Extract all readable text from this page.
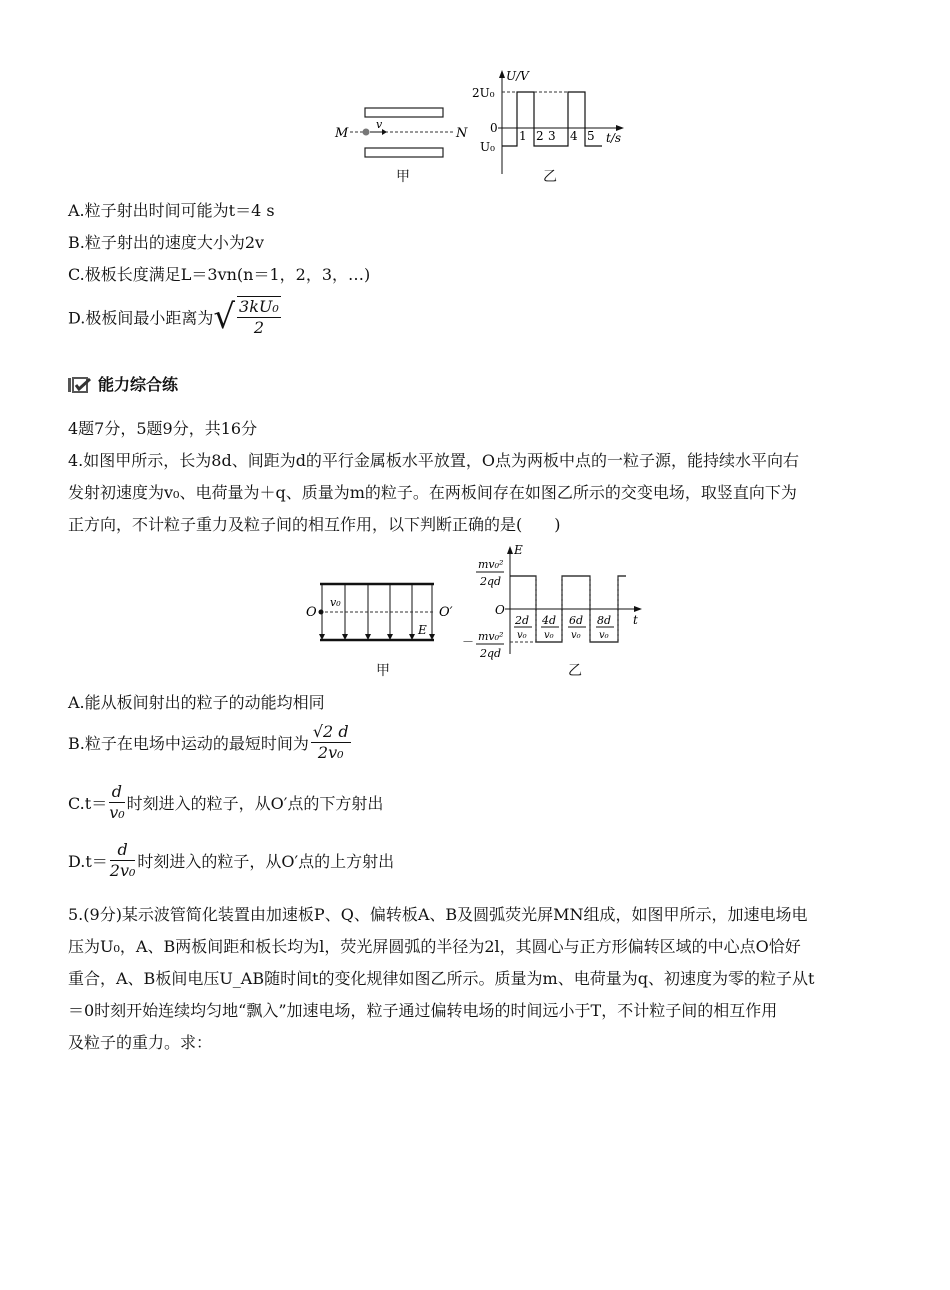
M	N
v
U/V
t/s
2U₀
0
U₀
1 2 3 4 5
甲	乙
A.粒子射出时间可能为t＝4 s
B.粒子射出的速度大小为2v
C.极板长度满足L＝3vn(n＝1，2，3，…)
D.极板间最小距离为√ $\frac{\text{3kU₀}}{2}$
能力综合练
4题7分，5题9分，共16分
4.如图甲所示，长为8d、间距为d的平行金属板水平放置，O点为两板中点的一粒子源，能持续水平向右
发射初速度为v₀、电荷量为＋q、质量为m的粒子。在两板间存在如图乙所示的交变电场，取竖直向下为
正方向，不计粒子重力及粒子间的相互作用，以下判断正确的是(　　)
O	O′
v₀
E
E
t
O
mv₀²
2qd
－ mv₀²
2qd
2d
v₀
4d
v₀
6d
v₀
8d
v₀
甲	乙
A.能从板间射出的粒子的动能均相同
B.粒子在电场中运动的最短时间为 $\frac{√2 d}{\text{2v₀}}$
$C.t= \frac{d}{\text{v₀}}$ 时刻进入的粒子，从O′点的下方射出
$D.t= \frac{d}{\text{2v₀}}$ 时刻进入的粒子，从O′点的上方射出
5.(9分)某示波管简化装置由加速板P、Q、偏转板A、B及圆弧荧光屏MN组成，如图甲所示，加速电场电
压为U₀，A、B两板间距和板长均为l，荧光屏圆弧的半径为2l，其圆心与正方形偏转区域的中心点O恰好
重合，A、B板间电压U_AB随时间t的变化规律如图乙所示。质量为m、电荷量为q、初速度为零的粒子从t
＝0时刻开始连续均匀地“飘入”加速电场，粒子通过偏转电场的时间远小于T，不计粒子间的相互作用
及粒子的重力。求：
